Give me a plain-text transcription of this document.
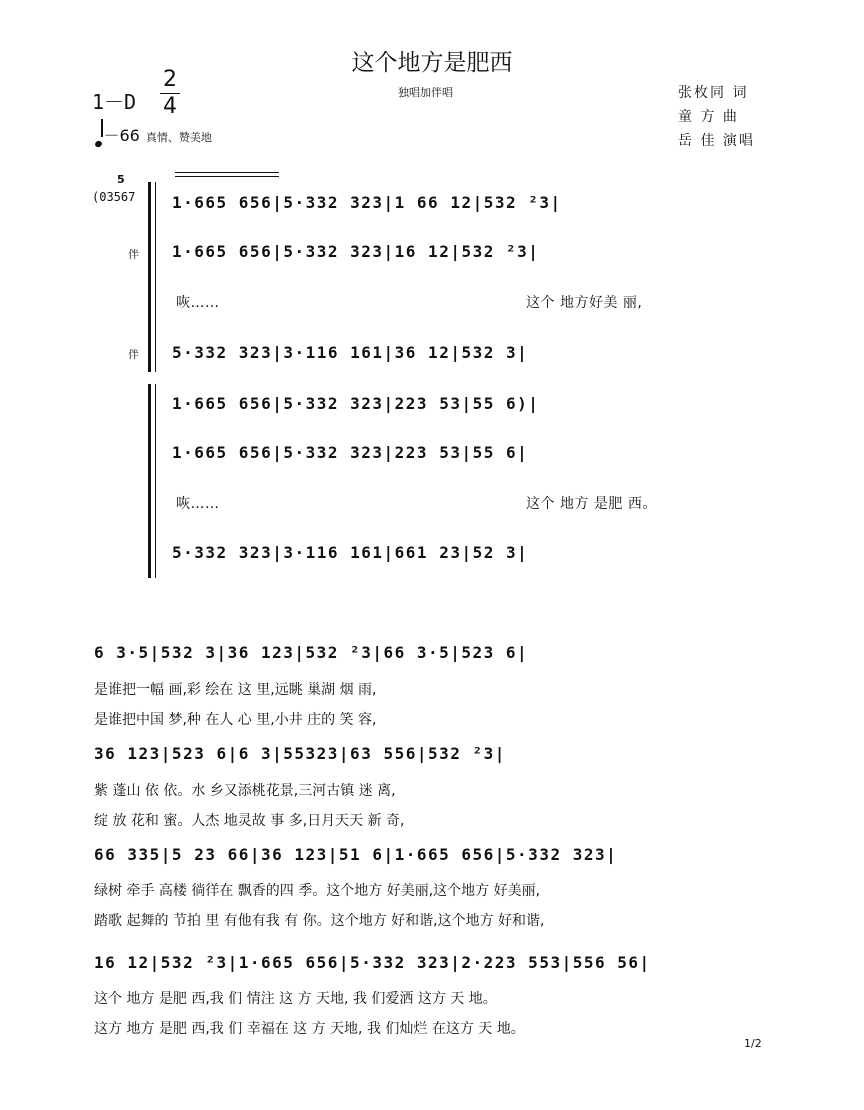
这个地方是肥西
独唱加伴唱
1－D
2
4
－66 真情、赞美地
张枚同 词
童 方 曲
岳 佳 演唱
5
(03567
伴
伴
1·665 656|5·332 323|1 66 12|532 ²3|
1·665 656|5·332 323|16 12|532 ²3|
咴……	这个 地方好美 丽,
5·332 323|3·116 161|36 12|532 3|
1·665 656|5·332 323|223 53|55 6)|
1·665 656|5·332 323|223 53|55 6|
咴……	这个 地方 是肥 西。
5·332 323|3·116 161|661 23|52 3|
6 3·5|532 3|36 123|532 ²3|66 3·5|523 6|
是谁把一幅 画,彩 绘在 这 里,远眺 巢湖 烟 雨,
是谁把中国 梦,种 在人 心 里,小井 庄的 笑 容,
36 123|523 6|6 3|55323|63 556|532 ²3|
紫 蓬山 依 依。水 乡又添桃花景,三河古镇 迷 离,
绽 放 花和 蜜。人杰 地灵故 事 多,日月天天 新 奇,
66 335|5 23 66|36 123|51 6|1·665 656|5·332 323|
绿树 牵手 高楼 徜徉在 飘香的四 季。这个地方 好美丽,这个地方 好美丽,
踏歌 起舞的 节拍 里 有他有我 有 你。这个地方 好和谐,这个地方 好和谐,
16 12|532 ²3|1·665 656|5·332 323|2·223 553|556 56|
这个 地方 是肥 西,我 们 情注 这 方 天地, 我 们爱洒 这方 天 地。
这方 地方 是肥 西,我 们 幸福在 这 方 天地, 我 们灿烂 在这方 天 地。
1/2
